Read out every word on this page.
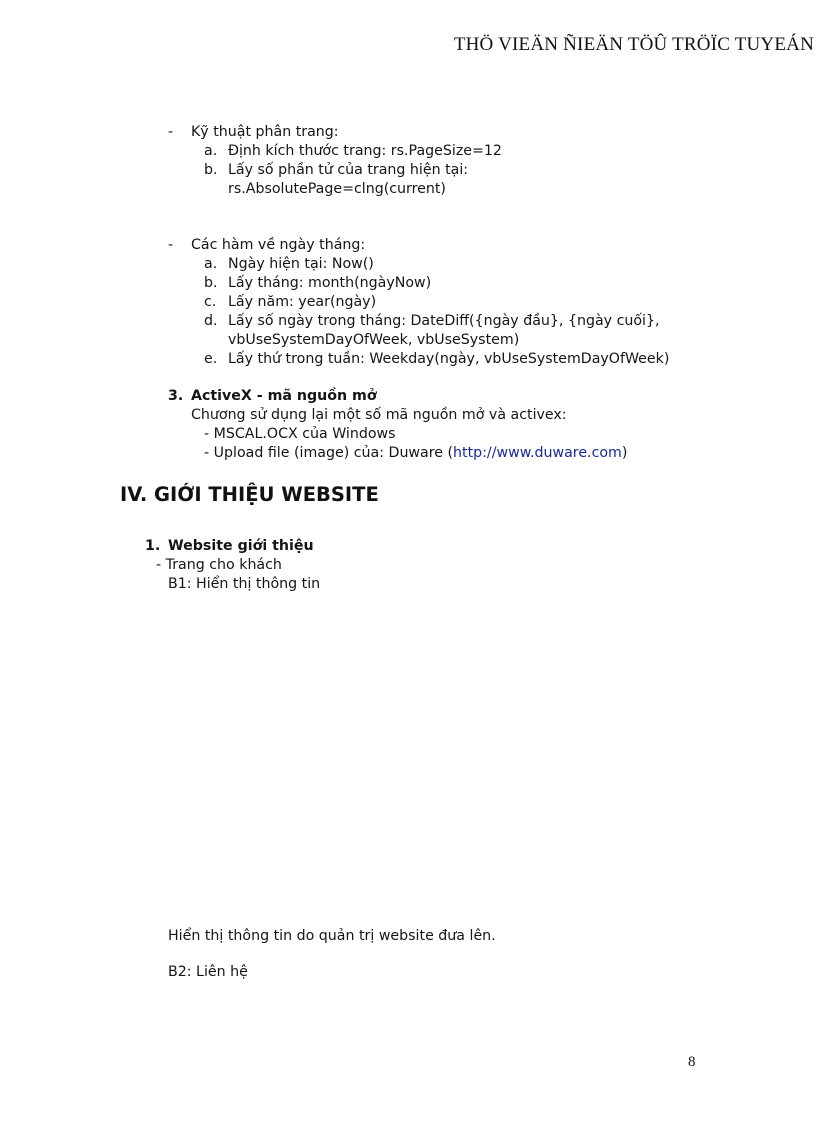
THÖ VIEÄN ÑIEÄN TÖÛ TRÖÏC TUYEÁN
- Kỹ thuật phân trang:
a. Định kích thước trang: rs.PageSize=12
b. Lấy số phần tử của trang hiện tại:
rs.AbsolutePage=clng(current)
- Các hàm về ngày tháng:
a. Ngày hiện tại: Now()
b. Lấy tháng: month(ngàyNow)
c. Lấy năm: year(ngày)
d. Lấy số ngày trong tháng: DateDiff({ngày đầu}, {ngày cuối},
vbUseSystemDayOfWeek, vbUseSystem)
e. Lấy thứ trong tuần: Weekday(ngày, vbUseSystemDayOfWeek)
3. ActiveX - mã nguồn mở
Chương sử dụng lại một số mã nguồn mở và activex:
- MSCAL.OCX của Windows
- Upload file (image) của: Duware (http://www.duware.com)
IV. GIỚI THIỆU WEBSITE
1. Website giới thiệu
- Trang cho khách
B1: Hiển thị thông tin
Hiển thị thông tin do quản trị website đưa lên.
B2: Liên hệ
8
